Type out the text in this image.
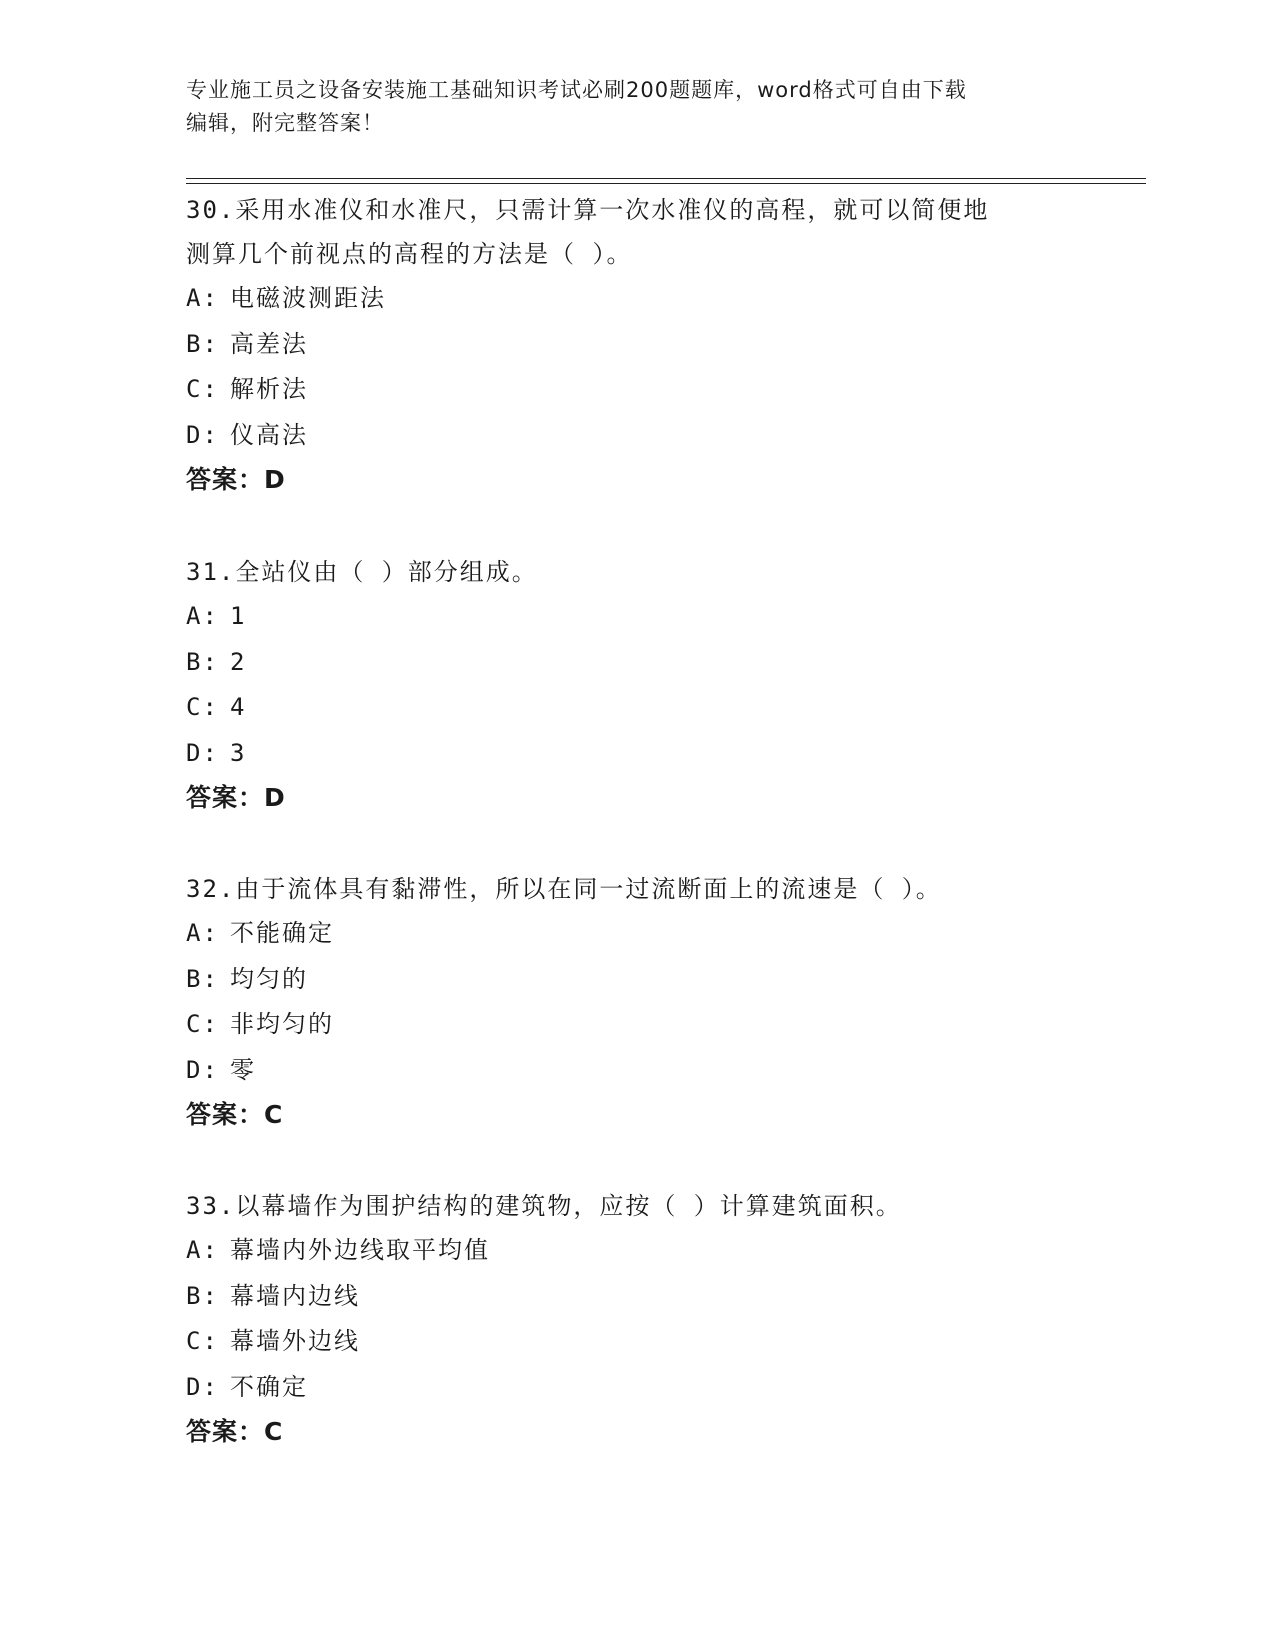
专业施工员之设备安装施工基础知识考试必刷200题题库，word格式可自由下载
编辑，附完整答案！

30.采用水准仪和水准尺，只需计算一次水准仪的高程，就可以简便地

测算几个前视点的高程的方法是（ ）。

A: 电磁波测距法

B: 高差法

C: 解析法

D: 仪高法

答案：D

31.全站仪由（ ）部分组成。

A: 1

B: 2

C: 4

D: 3

答案：D

32.由于流体具有黏滞性，所以在同一过流断面上的流速是（ ）。

A: 不能确定

B: 均匀的

C: 非均匀的

D: 零

答案：C

33.以幕墙作为围护结构的建筑物，应按（ ）计算建筑面积。

A: 幕墙内外边线取平均值

B: 幕墙内边线

C: 幕墙外边线

D: 不确定

答案：C
